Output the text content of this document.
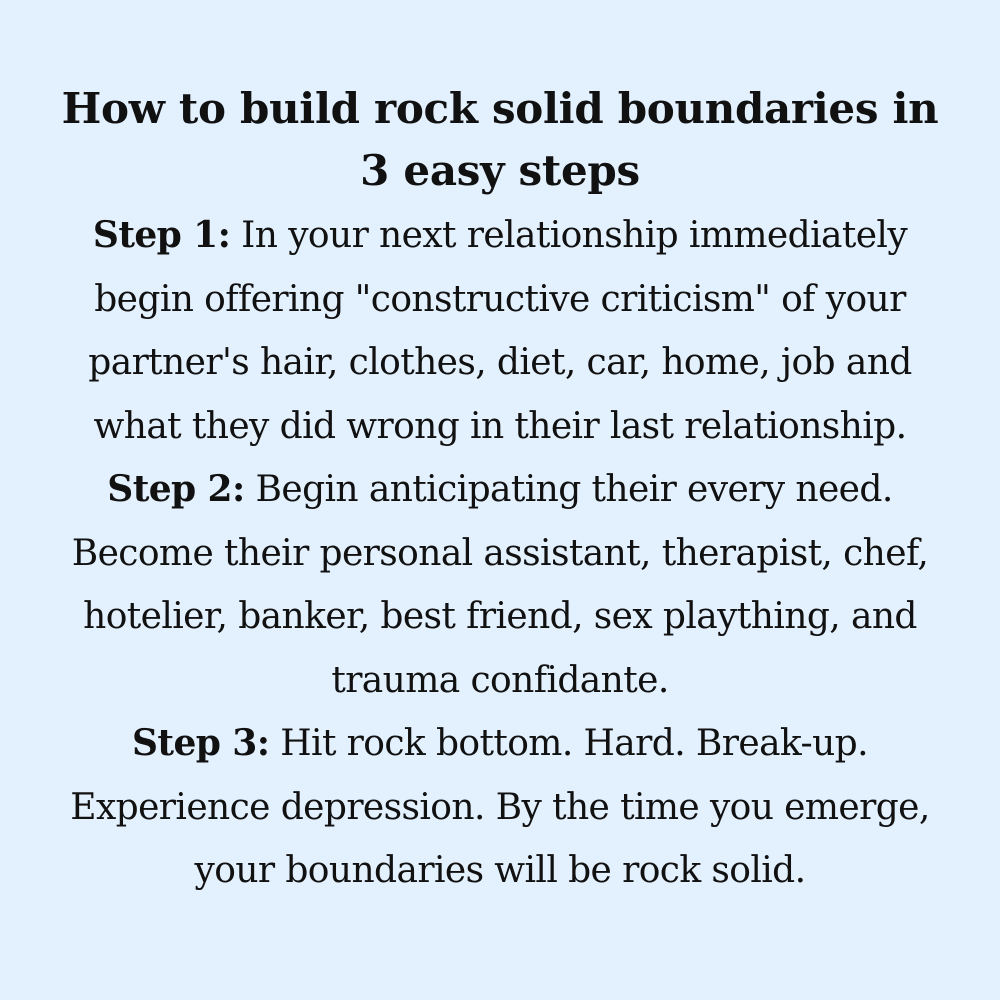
How to build rock solid boundaries in 3 easy steps

Step 1: In your next relationship immediately begin offering "constructive criticism" of your partner's hair, clothes, diet, car, home, job and what they did wrong in their last relationship.

Step 2: Begin anticipating their every need. Become their personal assistant, therapist, chef, hotelier, banker, best friend, sex plaything, and trauma confidante.

Step 3: Hit rock bottom. Hard. Break-up. Experience depression. By the time you emerge, your boundaries will be rock solid.
